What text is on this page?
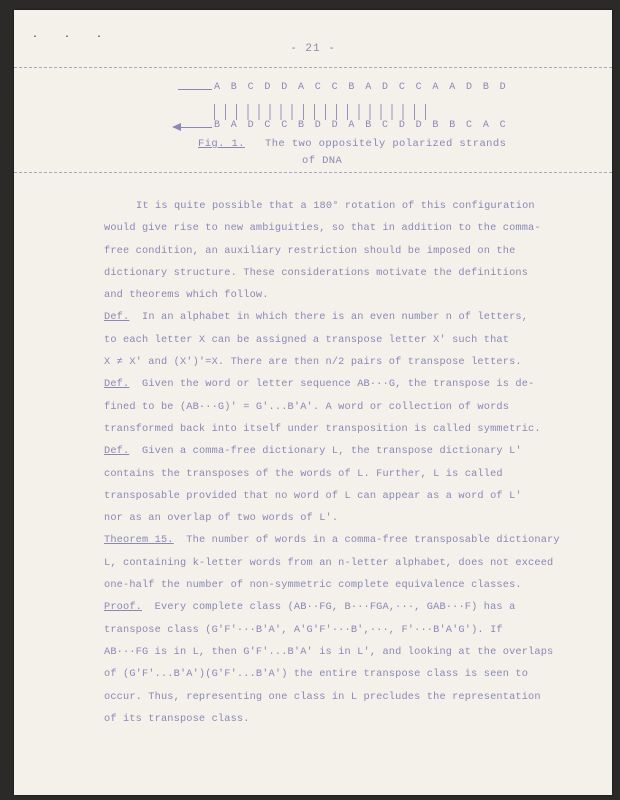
· · ·
- 21 -
A B C D D A C C B A D C C A A D B D
B A D C C B D D A B C D D B B C A C
Fig. 1. The two oppositely polarized strands
of DNA
It is quite possible that a 180° rotation of this configuration
would give rise to new ambiguities, so that in addition to the comma-
free condition, an auxiliary restriction should be imposed on the
dictionary structure. These considerations motivate the definitions
and theorems which follow.
Def. In an alphabet in which there is an even number n of letters,
to each letter X can be assigned a transpose letter X' such that
X ≠ X' and (X')'=X. There are then n/2 pairs of transpose letters.
Def. Given the word or letter sequence AB···G, the transpose is de-
fined to be (AB···G)' = G'...B'A'. A word or collection of words
transformed back into itself under transposition is called symmetric.
Def. Given a comma-free dictionary L, the transpose dictionary L'
contains the transposes of the words of L. Further, L is called
transposable provided that no word of L can appear as a word of L'
nor as an overlap of two words of L'.
Theorem 15. The number of words in a comma-free transposable dictionary
L, containing k-letter words from an n-letter alphabet, does not exceed
one-half the number of non-symmetric complete equivalence classes.
Proof. Every complete class (AB··FG, B···FGA,···, GAB···F) has a
transpose class (G'F'···B'A', A'G'F'···B',···, F'···B'A'G'). If
AB···FG is in L, then G'F'...B'A' is in L', and looking at the overlaps
of (G'F'...B'A')(G'F'...B'A') the entire transpose class is seen to
occur. Thus, representing one class in L precludes the representation
of its transpose class.
